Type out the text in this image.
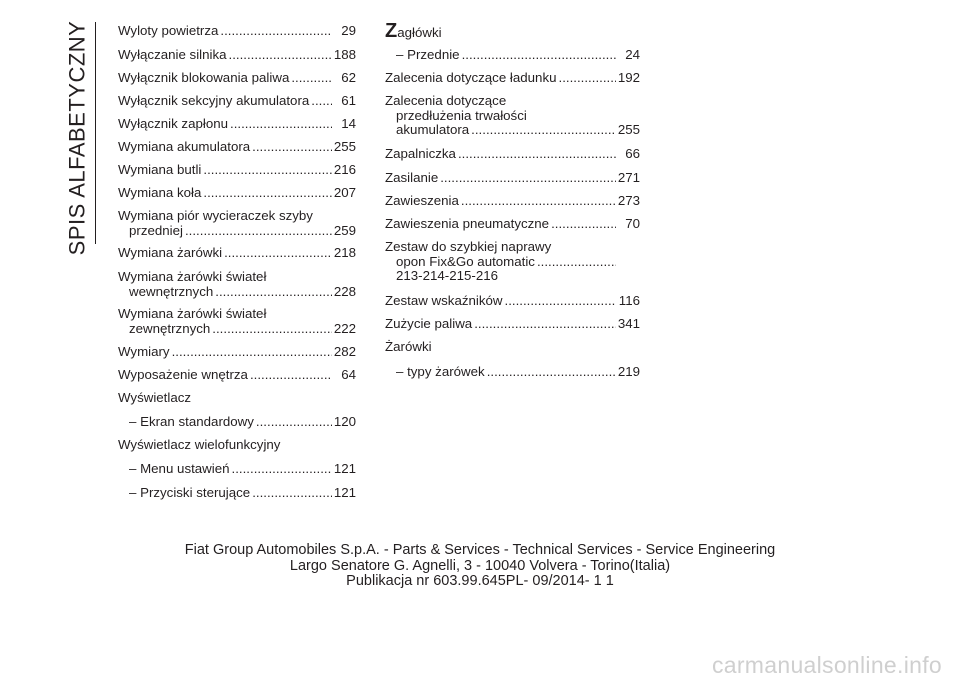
SPIS ALFABETYCZNY Wyloty powietrza .....	29
Wyłączanie silnika .....	188
Wyłącznik blokowania paliwa .....	62
Wyłącznik sekcyjny akumulatora .....	61
Wyłącznik zapłonu .....	14
Wymiana akumulatora .....	255
Wymiana butli .....	216
Wymiana koła .....	207
Wymiana piór wycieraczek szyby
przedniej .....	259
Wymiana żarówki .....	218
Wymiana żarówki świateł
wewnętrznych .....	228
Wymiana żarówki świateł
zewnętrznych .....	222
Wymiary .....	282
Wyposażenie wnętrza .....	64
Wyświetlacz
– Ekran standardowy .....	120
Wyświetlacz wielofunkcyjny
– Menu ustawień .....	121
– Przyciski sterujące .....	121
Zagłówki
– Przednie .....	24
Zalecenia dotyczące ładunku .....	192
Zalecenia dotyczące
przedłużenia trwałości
akumulatora .....	255
Zapalniczka .....	66
Zasilanie .....	271
Zawieszenia .....	273
Zawieszenia pneumatyczne .....	70
Zestaw do szybkiej naprawy
opon Fix&Go automatic
.....
213-214-215-216
Zestaw wskaźników .....	116
Zużycie paliwa .....	341
Żarówki
– typy żarówek .....	219
Fiat Group Automobiles S.p.A. - Parts & Services - Technical Services - Service Engineering
Largo Senatore G. Agnelli, 3 - 10040 Volvera - Torino(Italia)
Publikacja nr 603.99.645PL- 09/2014- 1 1
carmanualsonline.info
